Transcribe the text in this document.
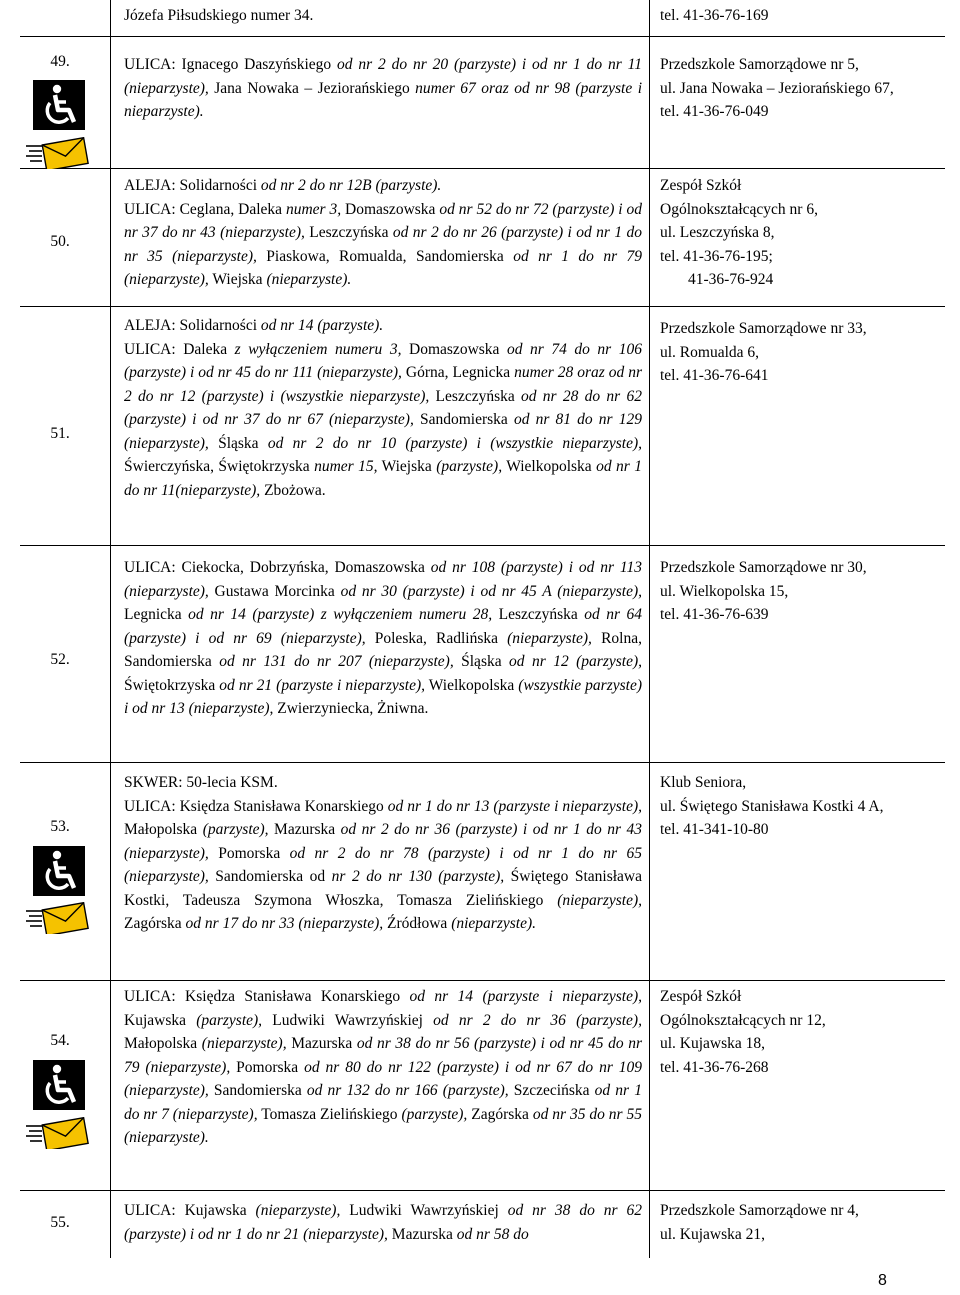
Józefa Piłsudskiego numer 34.	tel. 41-36-76-169
49.	ULICA: Ignacego Daszyńskiego od nr 2 do nr 20 (parzyste) i od nr 1 do nr 11 (nieparzyste), Jana Nowaka – Jeziorańskiego numer 67 oraz od nr 98 (parzyste i nieparzyste).
Przedszkole Samorządowe nr 5,
ul. Jana Nowaka – Jeziorańskiego 67,
tel. 41-36-76-049
50.
ALEJA: Solidarności od nr 2 do nr 12B (parzyste).
ULICA: Ceglana, Daleka numer 3, Domaszowska od nr 52 do nr 72 (parzyste) i od nr 37 do nr 43 (nieparzyste), Leszczyńska od nr 2 do nr 26 (parzyste) i od nr 1 do nr 35 (nieparzyste), Piaskowa, Romualda, Sandomierska od nr 1 do nr 79 (nieparzyste), Wiejska (nieparzyste).
Zespół Szkół
Ogólnokształcących nr 6,
ul. Leszczyńska 8,
tel. 41-36-76-195;
41-36-76-924
51.
ALEJA: Solidarności od nr 14 (parzyste).
ULICA: Daleka z wyłączeniem numeru 3, Domaszowska od nr 74 do nr 106 (parzyste) i od nr 45 do nr 111 (nieparzyste), Górna, Legnicka numer 28 oraz od nr 2 do nr 12 (parzyste) i (wszystkie nieparzyste), Leszczyńska od nr 28 do nr 62 (parzyste) i od nr 37 do nr 67 (nieparzyste), Sandomierska od nr 81 do nr 129 (nieparzyste), Śląska od nr 2 do nr 10 (parzyste) i (wszystkie nieparzyste), Świerczyńska, Świętokrzyska numer 15, Wiejska (parzyste), Wielkopolska od nr 1 do nr 11(nieparzyste), Zbożowa.
Przedszkole Samorządowe nr 33,
ul. Romualda 6,
tel. 41-36-76-641
52.
ULICA: Ciekocka, Dobrzyńska, Domaszowska od nr 108 (parzyste) i od nr 113 (nieparzyste), Gustawa Morcinka od nr 30 (parzyste) i od nr 45 A (nieparzyste), Legnicka od nr 14 (parzyste) z wyłączeniem numeru 28, Leszczyńska od nr 64 (parzyste) i od nr 69 (nieparzyste), Poleska, Radlińska (nieparzyste), Rolna, Sandomierska od nr 131 do nr 207 (nieparzyste), Śląska od nr 12 (parzyste), Świętokrzyska od nr 21 (parzyste i nieparzyste), Wielkopolska (wszystkie parzyste) i od nr 13 (nieparzyste), Zwierzyniecka, Żniwna.
Przedszkole Samorządowe nr 30,
ul. Wielkopolska 15,
tel. 41-36-76-639
53.
SKWER: 50-lecia KSM.
ULICA: Księdza Stanisława Konarskiego od nr 1 do nr 13 (parzyste i nieparzyste), Małopolska (parzyste), Mazurska od nr 2 do nr 36 (parzyste) i od nr 1 do nr 43 (nieparzyste), Pomorska od nr 2 do nr 78 (parzyste) i od nr 1 do nr 65 (nieparzyste), Sandomierska od nr 2 do nr 130 (parzyste), Świętego Stanisława Kostki, Tadeusza Szymona Włoszka, Tomasza Zielińskiego (nieparzyste), Zagórska od nr 17 do nr 33 (nieparzyste), Źródłowa (nieparzyste).
Klub Seniora,
ul. Świętego Stanisława Kostki 4 A,
tel. 41-341-10-80
54.
ULICA: Księdza Stanisława Konarskiego od nr 14 (parzyste i nieparzyste), Kujawska (parzyste), Ludwiki Wawrzyńskiej od nr 2 do nr 36 (parzyste), Małopolska (nieparzyste), Mazurska od nr 38 do nr 56 (parzyste) i od nr 45 do nr 79 (nieparzyste), Pomorska od nr 80 do nr 122 (parzyste) i od nr 67 do nr 109 (nieparzyste), Sandomierska od nr 132 do nr 166 (parzyste), Szczecińska od nr 1 do nr 7 (nieparzyste), Tomasza Zielińskiego (parzyste), Zagórska od nr 35 do nr 55 (nieparzyste).
Zespół Szkół
Ogólnokształcących nr 12,
ul. Kujawska 18,
tel. 41-36-76-268
55.
ULICA: Kujawska (nieparzyste), Ludwiki Wawrzyńskiej od nr 38 do nr 62 (parzyste) i od nr 1 do nr 21 (nieparzyste), Mazurska od nr 58 do
Przedszkole Samorządowe nr 4,
ul. Kujawska 21,
8
